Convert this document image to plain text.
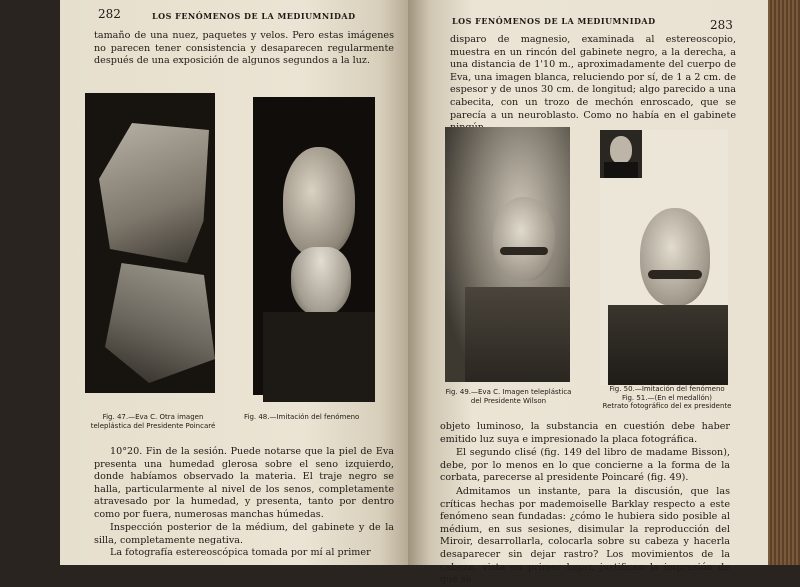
282	LOS FENÓMENOS DE LA MEDIUMNIDAD

tamaño de una nuez, paquetes y velos. Pero estas imágenes no parecen tener consistencia y desaparecen regularmente después de una exposición de algunos segundos a la luz.

Fig. 47.—Eva C. Otra imagen
teleplástica del Presidente Poincaré
Fig. 48.—Imitación del fenómeno

10°20. Fin de la sesión. Puede notarse que la piel de Eva presenta una humedad glerosa sobre el seno izquierdo, donde habíamos observado la materia. El traje negro se halla, particularmente al nivel de los senos, completamente atravesado por la humedad, y presenta, tanto por dentro como por fuera, numerosas manchas húmedas.

Inspección posterior de la médium, del gabinete y de la silla, completamente negativa.

La fotografía estereoscópica tomada por mí al primer

LOS FENÓMENOS DE LA MEDIUMNIDAD	283

disparo de magnesio, examinada al estereoscopio, muestra en un rincón del gabinete negro, a la derecha, a una distancia de 1'10 m., aproximadamente del cuerpo de Eva, una imagen blanca, reluciendo por sí, de 1 a 2 cm. de espesor y de unos 30 cm. de longitud; algo parecido a una cabecita, con un trozo de mechón enroscado, que se parecía a un neuroblasto. Como no había en el gabinete

Fig. 49.—Eva C. Imagen teleplástica
del Presidente Wilson
Fig. 50.—Imitación del fenómeno
Fig. 51.—(En el medallón)
Retrato fotográfico del ex presidente

objeto luminoso, la substancia en cuestión debe haber emitido luz suya e impresionado la placa fotográfica.

El segundo clisé (fig. 149 del libro de madame Bisson), debe, por lo menos en lo que concierne a la forma de la corbata, parecerse al presidente Poincaré (fig. 49).

Admitamos un instante, para la discusión, que las críticas hechas por mademoiselle Barklay respecto a este fenómeno sean fundadas: ¿cómo le hubiera sido posible al médium, en sus sesiones, disimular la reproducción del Miroir, desarrollarla, colocarla sobre su cabeza y hacerla desaparecer sin dejar rastro? Los movimientos de la cabeza, vista en primer lugar, justifican la impresión de que se
